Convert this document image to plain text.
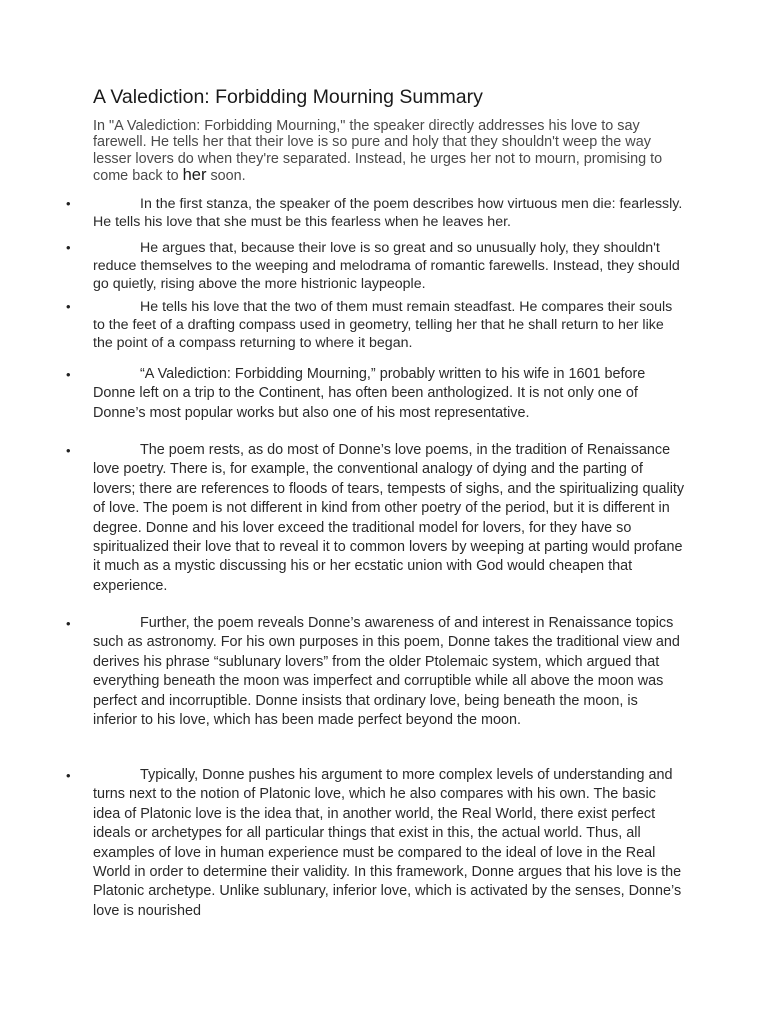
A Valediction: Forbidding Mourning Summary
In "A Valediction: Forbidding Mourning," the speaker directly addresses his love to say farewell. He tells her that their love is so pure and holy that they shouldn't weep the way lesser lovers do when they're separated. Instead, he urges her not to mourn, promising to come back to her soon.
•	In the first stanza, the speaker of the poem describes how virtuous men die: fearlessly. He tells his love that she must be this fearless when he leaves her.

•	He argues that, because their love is so great and so unusually holy, they shouldn't reduce themselves to the weeping and melodrama of romantic farewells. Instead, they should go quietly, rising above the more histrionic laypeople.

•	He tells his love that the two of them must remain steadfast. He compares their souls to the feet of a drafting compass used in geometry, telling her that he shall return to her like the point of a compass returning to where it began.

•	“A Valediction: Forbidding Mourning,” probably written to his wife in 1601 before Donne left on a trip to the Continent, has often been anthologized. It is not only one of Donne’s most popular works but also one of his most representative.

•	The poem rests, as do most of Donne’s love poems, in the tradition of Renaissance love poetry. There is, for example, the conventional analogy of dying and the parting of lovers; there are references to floods of tears, tempests of sighs, and the spiritualizing quality of love. The poem is not different in kind from other poetry of the period, but it is different in degree. Donne and his lover exceed the traditional model for lovers, for they have so spiritualized their love that to reveal it to common lovers by weeping at parting would profane it much as a mystic discussing his or her ecstatic union with God would cheapen that experience.

•	Further, the poem reveals Donne’s awareness of and interest in Renaissance topics such as astronomy. For his own purposes in this poem, Donne takes the traditional view and derives his phrase “sublunary lovers” from the older Ptolemaic system, which argued that everything beneath the moon was imperfect and corruptible while all above the moon was perfect and incorruptible. Donne insists that ordinary love, being beneath the moon, is inferior to his love, which has been made perfect beyond the moon.

•	Typically, Donne pushes his argument to more complex levels of understanding and turns next to the notion of Platonic love, which he also compares with his own. The basic idea of Platonic love is the idea that, in another world, the Real World, there exist perfect ideals or archetypes for all particular things that exist in this, the actual world. Thus, all examples of love in human experience must be compared to the ideal of love in the Real World in order to determine their validity. In this framework, Donne argues that his love is the Platonic archetype. Unlike sublunary, inferior love, which is activated by the senses, Donne’s love is nourished
